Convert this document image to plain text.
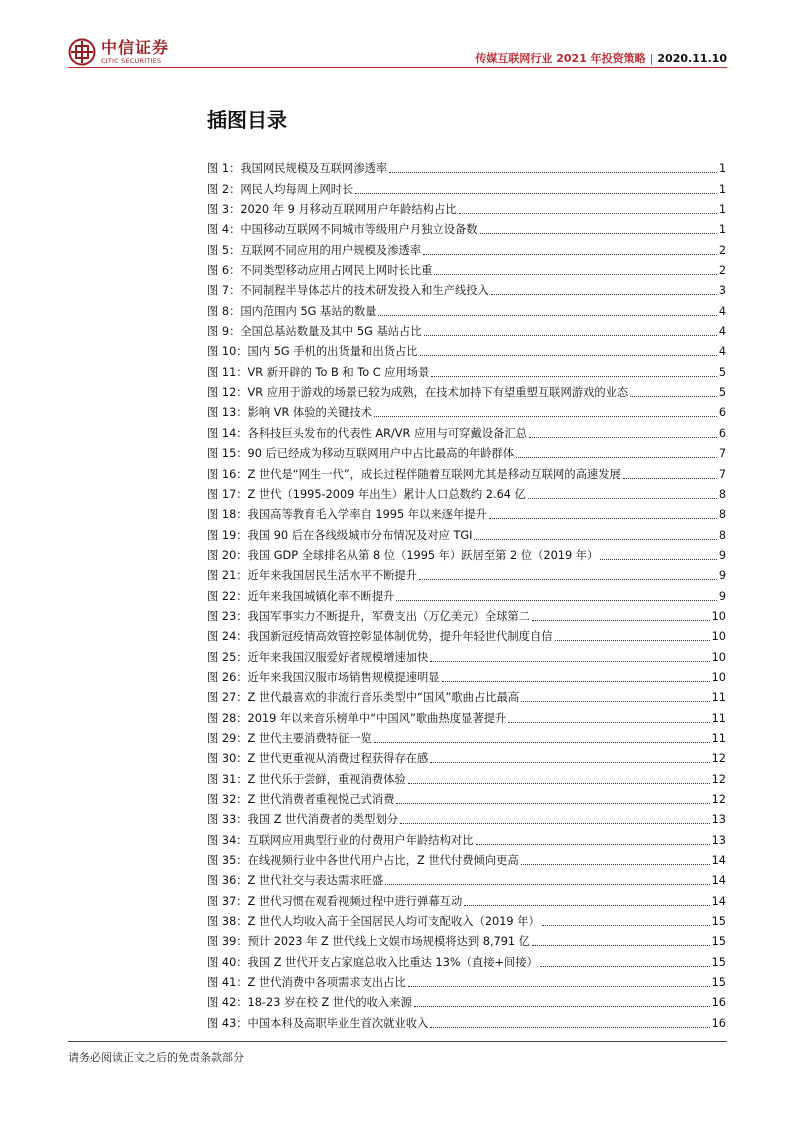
中信证券
CITIC SECURITIES	传媒互联网行业 2021 年投资策略 | 2020.11.10
插图目录
图 1：我国网民规模及互联网渗透率	1
图 2：网民人均每周上网时长	1
图 3：2020 年 9 月移动互联网用户年龄结构占比	1
图 4：中国移动互联网不同城市等级用户月独立设备数	1
图 5：互联网不同应用的用户规模及渗透率	2
图 6：不同类型移动应用占网民上网时长比重	2
图 7：不同制程半导体芯片的技术研发投入和生产线投入	3
图 8：国内范围内 5G 基站的数量	4
图 9：全国总基站数量及其中 5G 基站占比	4
图 10：国内 5G 手机的出货量和出货占比	4
图 11：VR 新开辟的 To B 和 To C 应用场景	5
图 12：VR 应用于游戏的场景已较为成熟，在技术加持下有望重塑互联网游戏的业态	5
图 13：影响 VR 体验的关键技术	6
图 14：各科技巨头发布的代表性 AR/VR 应用与可穿戴设备汇总	6
图 15：90 后已经成为移动互联网用户中占比最高的年龄群体	7
图 16：Z 世代是“网生一代”，成长过程伴随着互联网尤其是移动互联网的高速发展	7
图 17：Z 世代（1995-2009 年出生）累计人口总数约 2.64 亿	8
图 18：我国高等教育毛入学率自 1995 年以来逐年提升	8
图 19：我国 90 后在各线级城市分布情况及对应 TGI	8
图 20：我国 GDP 全球排名从第 8 位（1995 年）跃居至第 2 位（2019 年）	9
图 21：近年来我国居民生活水平不断提升	9
图 22：近年来我国城镇化率不断提升	9
图 23：我国军事实力不断提升，军费支出（万亿美元）全球第二	10
图 24：我国新冠疫情高效管控彰显体制优势，提升年轻世代制度自信	10
图 25：近年来我国汉服爱好者规模增速加快	10
图 26：近年来我国汉服市场销售规模提速明显	10
图 27：Z 世代最喜欢的非流行音乐类型中“国风”歌曲占比最高	11
图 28：2019 年以来音乐榜单中“中国风”歌曲热度显著提升	11
图 29：Z 世代主要消费特征一览	11
图 30：Z 世代更重视从消费过程获得存在感	12
图 31：Z 世代乐于尝鲜，重视消费体验	12
图 32：Z 世代消费者重视悦己式消费	12
图 33：我国 Z 世代消费者的类型划分	13
图 34：互联网应用典型行业的付费用户年龄结构对比	13
图 35：在线视频行业中各世代用户占比，Z 世代付费倾向更高	14
图 36：Z 世代社交与表达需求旺盛	14
图 37：Z 世代习惯在观看视频过程中进行弹幕互动	14
图 38：Z 世代人均收入高于全国居民人均可支配收入（2019 年）	15
图 39：预计 2023 年 Z 世代线上文娱市场规模将达到 8,791 亿	15
图 40：我国 Z 世代开支占家庭总收入比重达 13%（直接+间接）	15
图 41：Z 世代消费中各项需求支出占比	15
图 42：18-23 岁在校 Z 世代的收入来源	16
图 43：中国本科及高职毕业生首次就业收入	16
请务必阅读正文之后的免责条款部分
